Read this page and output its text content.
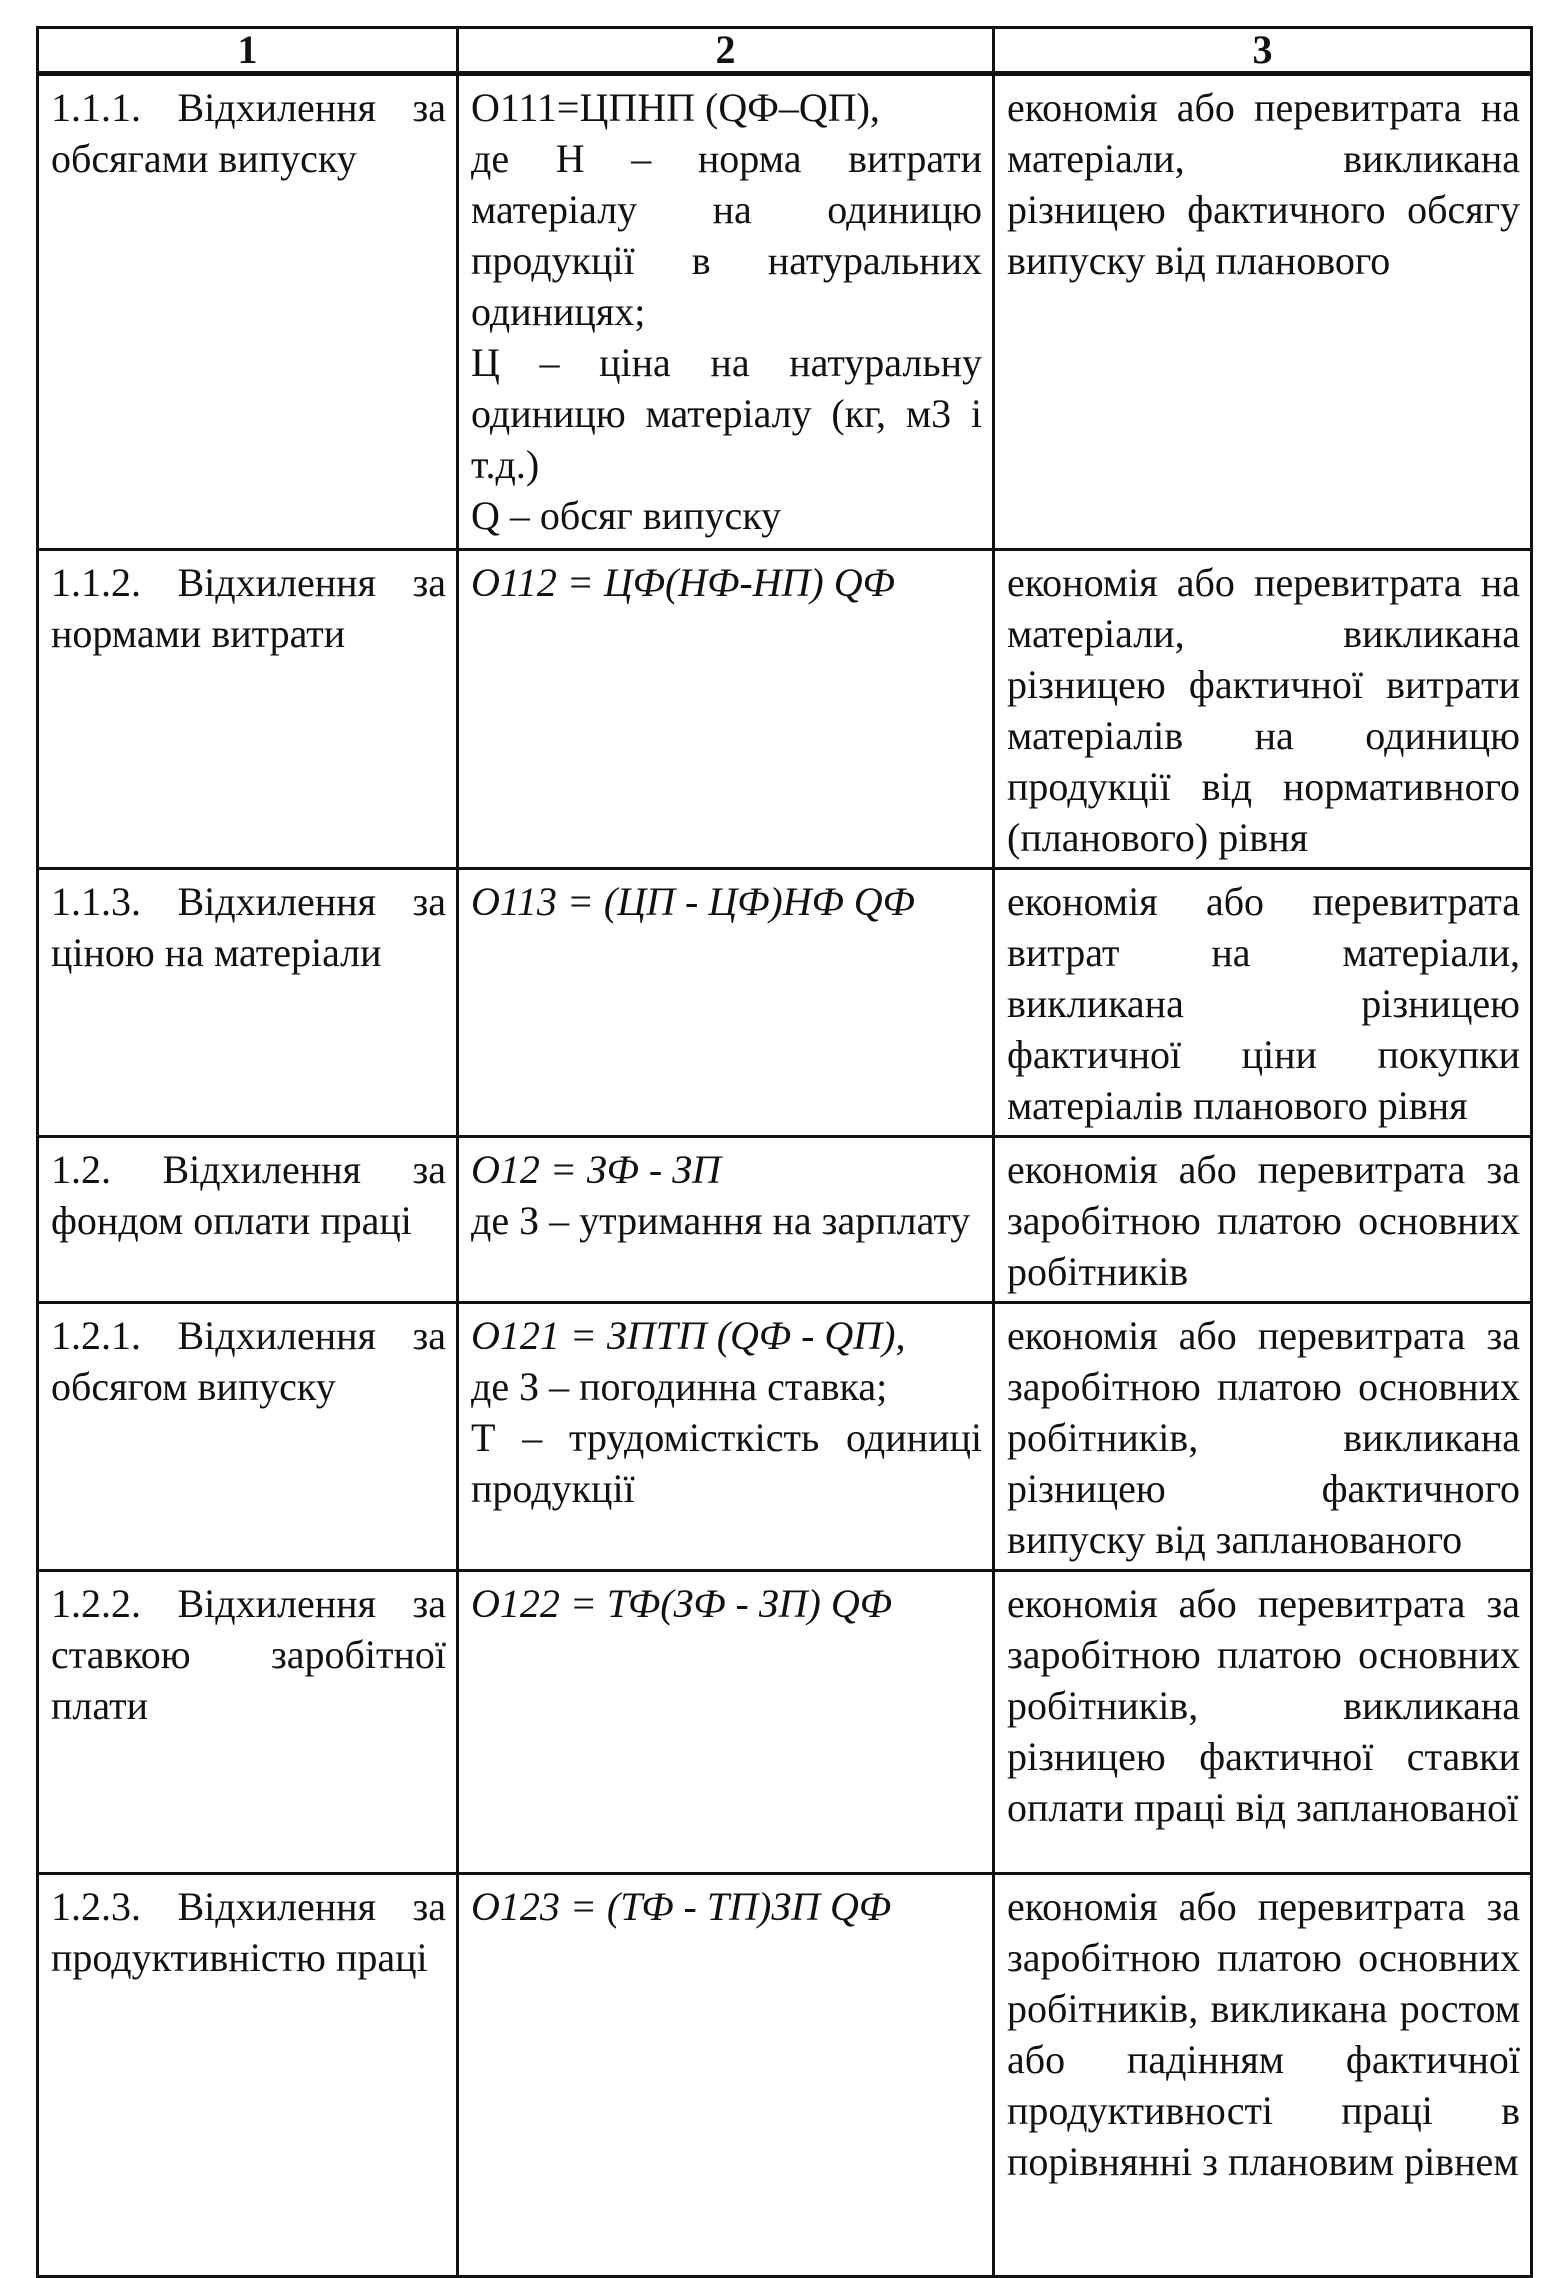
1	2	3
1.1.1. Відхилення за обсягами випуску	О111=ЦПНП (QФ–QП),
де Н – норма витрати матеріалу на одиницю продукції в натуральних одиницях;
Ц – ціна на натуральну одиницю матеріалу (кг, м3 і т.д.)
Q – обсяг випуску	економія або перевитрата на матеріали, викликана різницею фактичного обсягу випуску від планового
1.1.2. Відхилення за нормами витрати	О112 = ЦФ(НФ-НП) QФ	економія або перевитрата на матеріали, викликана різницею фактичної витрати матеріалів на одиницю продукції від нормативного (планового) рівня
1.1.3. Відхилення за ціною на матеріали	О113 = (ЦП - ЦФ)НФ QФ	економія або перевитрата витрат на матеріали, викликана різницею фактичної ціни покупки матеріалів планового рівня
1.2. Відхилення за фондом оплати праці	О12 = ЗФ - ЗП
де З – утримання на зарплату	економія або перевитрата за заробітною платою основних робітників
1.2.1. Відхилення за обсягом випуску	О121 = ЗПТП (QФ - QП),
де З – погодинна ставка;
Т – трудомісткість одиниці продукції	економія або перевитрата за заробітною платою основних робітників, викликана різницею фактичного випуску від запланованого
1.2.2. Відхилення за ставкою заробітної плати	О122 = ТФ(ЗФ - ЗП) QФ	економія або перевитрата за заробітною платою основних робітників, викликана різницею фактичної ставки оплати праці від запланованої
1.2.3. Відхилення за продуктивністю праці	О123 = (ТФ - ТП)ЗП QФ	економія або перевитрата за заробітною платою основних робітників, викликана ростом або падінням фактичної продуктивності праці в порівнянні з плановим рівнем
